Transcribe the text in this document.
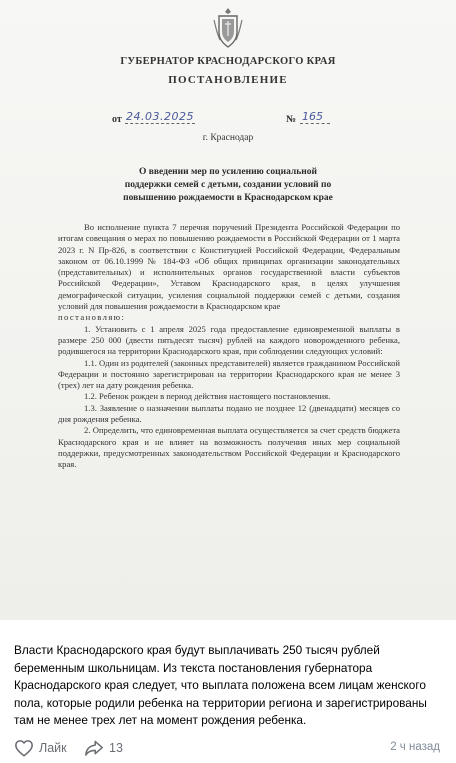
ГУБЕРНАТОР КРАСНОДАРСКОГО КРАЯ
ПОСТАНОВЛЕНИЕ
от 24.03.2025	№ 165
г. Краснодар
О введении мер по усилению социальной
поддержки семей с детьми, создании условий по
повышению рождаемости в Краснодарском крае

Во исполнение пункта 7 перечня поручений Президента Российской Федерации по итогам совещания о мерах по повышению рождаемости в Российской Федерации от 1 марта 2023 г. N Пр-826, в соответствии с Конституцией Российской Федерации, Федеральным законом от 06.10.1999 № 184-ФЗ «Об общих принципах организации законодательных (представительных) и исполнительных органов государственной власти субъектов Российской Федерации», Уставом Краснодарского края, в целях улучшения демографической ситуации, усиления социальной поддержки семей с детьми, создания условий для повышения рождаемости в Краснодарском крае

постановляю:

1. Установить с 1 апреля 2025 года предоставление единовременной выплаты в размере 250 000 (двести пятьдесят тысяч) рублей на каждого новорожденного ребенка, родившегося на территории Краснодарского края, при соблюдении следующих условий:

1.1. Один из родителей (законных представителей) является гражданином Российской Федерации и постоянно зарегистрирован на территории Краснодарского края не менее 3 (трех) лет на дату рождения ребенка.

1.2. Ребенок рожден в период действия настоящего постановления.

1.3. Заявление о назначении выплаты подано не позднее 12 (двенадцати) месяцев со дня рождения ребенка.

2. Определить, что единовременная выплата осуществляется за счет средств бюджета Краснодарского края и не влияет на возможность получения иных мер социальной поддержки, предусмотренных законодательством Российской Федерации и Краснодарского края.

Власти Краснодарского края будут выплачивать 250 тысяч рублей беременным школьницам. Из текста постановления губернатора Краснодарского края следует, что выплата положена всем лицам женского пола, которые родили ребенка на территории региона и зарегистрированы там не менее трех лет на момент рождения ребенка.
Лайк	13	2 ч назад
